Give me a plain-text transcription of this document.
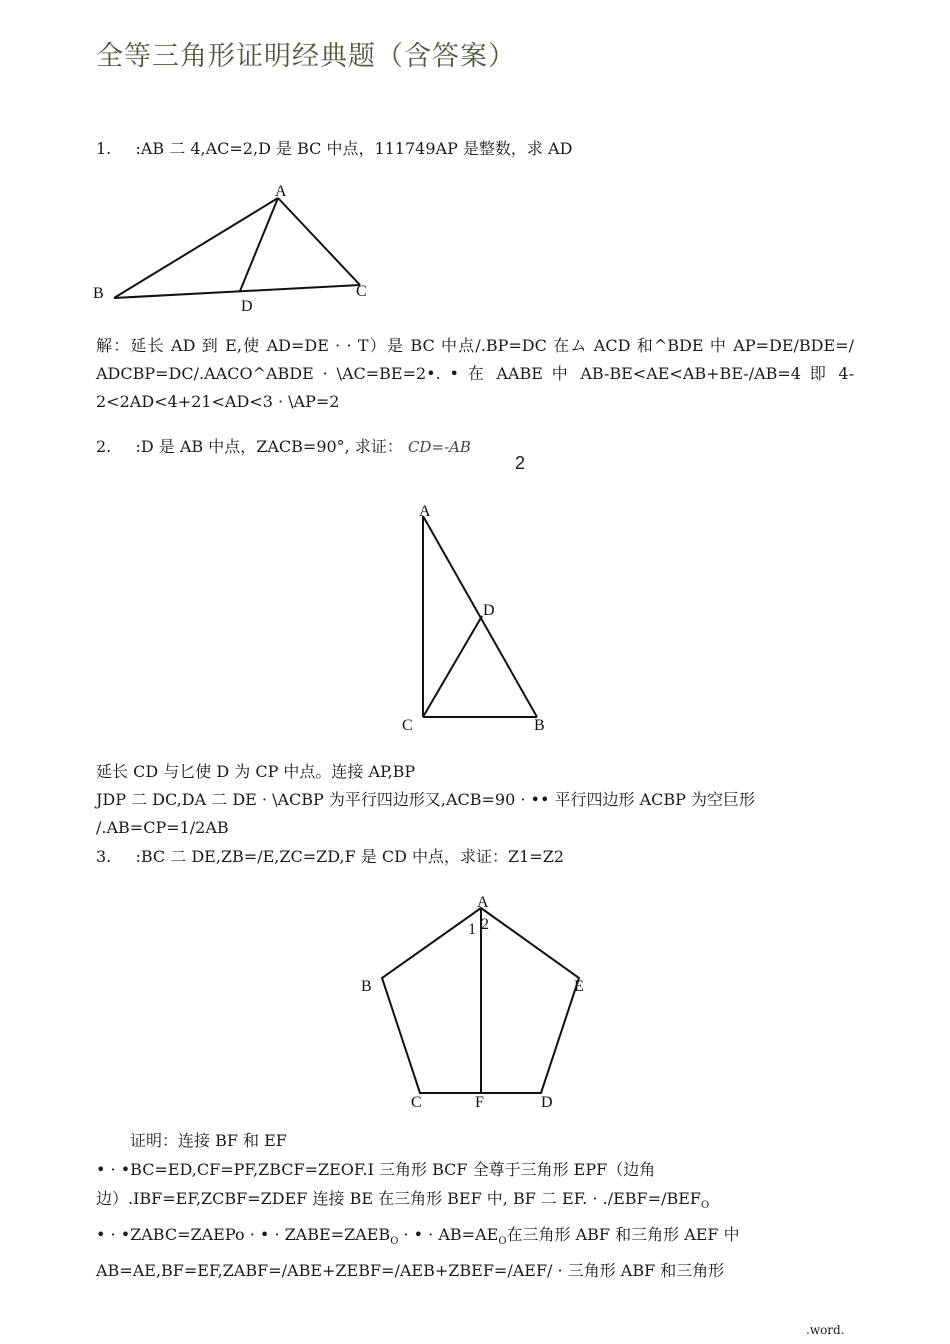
全等三角形证明经典题（含答案）
1. :AB 二 4,AC=2,D 是 BC 中点，111749AP 是整数，求 AD
A
B	C
D
解：延长 AD 到 E,使 AD=DE · · T）是 BC 中点/.BP=DC 在ム ACD 和^BDE 中 AP=DE/BDE=/
ADCBP=DC/.AACO^ABDE · \AC=BE=2•. • 在 AABE 中 AB-BE<AE<AB+BE-/AB=4 即 4-
2<2AD<4+21<AD<3 · \AP=2
2. :D 是 AB 中点，ZACB=90°, 求证： CD=-AB
2
A
C	B
D
延长 CD 与匕使 D 为 CP 中点。连接 AP,BP
JDP 二 DC,DA 二 DE · \ACBP 为平行四边形又,ACB=90 · •• 平行四边形 ACBP 为空巨形
/.AB=CP=1/2AB
3. :BC 二 DE,ZB=/E,ZC=ZD,F 是 CD 中点，求证：Z1=Z2
A
B	E
C	F	D
1 2
证明：连接 BF 和 EF
• · •BC=ED,CF=PF,ZBCF=ZEOF.I 三角形 BCF 全尊于三角形 EPF（边角
边）.IBF=EF,ZCBF=ZDEF 连接 BE 在三角形 BEF 中, BF 二 EF. · $./EBF=/BEF_O$
• · •ZABC=ZAEPo · • · $ZABE=ZAEB_O$ · • · $AB=AE_O$在三角形 ABF 和三角形 AEF 中
AB=AE,BF=EF,ZABF=/ABE+ZEBF=/AEB+ZBEF=/AEF/ · 三角形 ABF 和三角形
.word.
